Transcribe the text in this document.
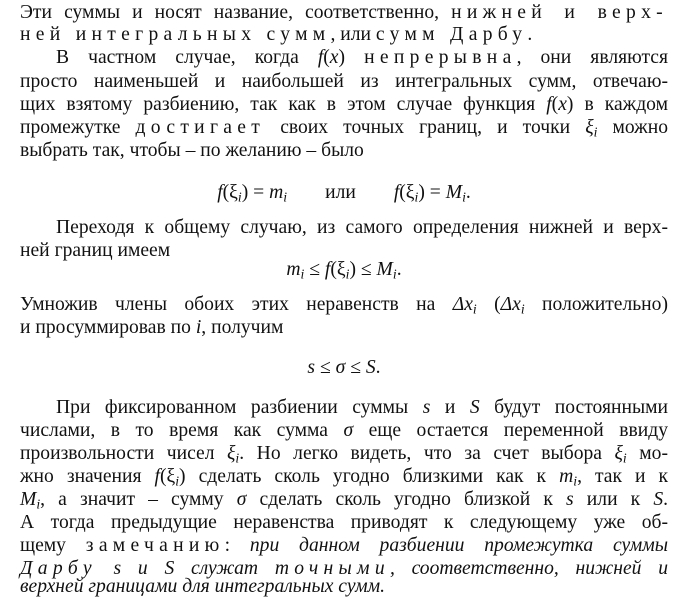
Эти суммы и носят название, соответственно, нижней и верх-
ней интегральных сумм, или сумм Дарбу.
В частном случае, когда f(x) непрерывна, они являются
просто наименьшей и наибольшей из интегральных сумм, отвечаю-
щих взятому разбиению, так как в этом случае функция f(x) в каждом
промежутке достигает своих точных границ, и точки $\xi_i$ можно
выбрать так, чтобы – по желанию – было
$f(\xi_i) = m_i$ или $f(\xi_i) = M_i$.
Переходя к общему случаю, из самого определения нижней и верх-
ней границ имеем
$m_i \le f(\xi_i) \le M_i$.
Умножив члены обоих этих неравенств на $\Delta x_i$ ($\Delta x_i$ положительно)
и просуммировав по i, получим
s ≤ σ ≤ S.
При фиксированном разбиении суммы s и S будут постоянными
числами, в то время как сумма σ еще остается переменной ввиду
произвольности чисел $\xi_i$. Но легко видеть, что за счет выбора $\xi_i$ мо-
жно значения $f(\xi_i)$ сделать сколь угодно близкими как к $m_i$, так и к
$M_i$, а значит – сумму σ сделать сколь угодно близкой к s или к S.
А тогда предыдущие неравенства приводят к следующему уже об-
щему замечанию: при данном разбиении промежутка суммы
Дарбу s и S служат точными, соответственно, нижней и
верхней границами для интегральных сумм.
